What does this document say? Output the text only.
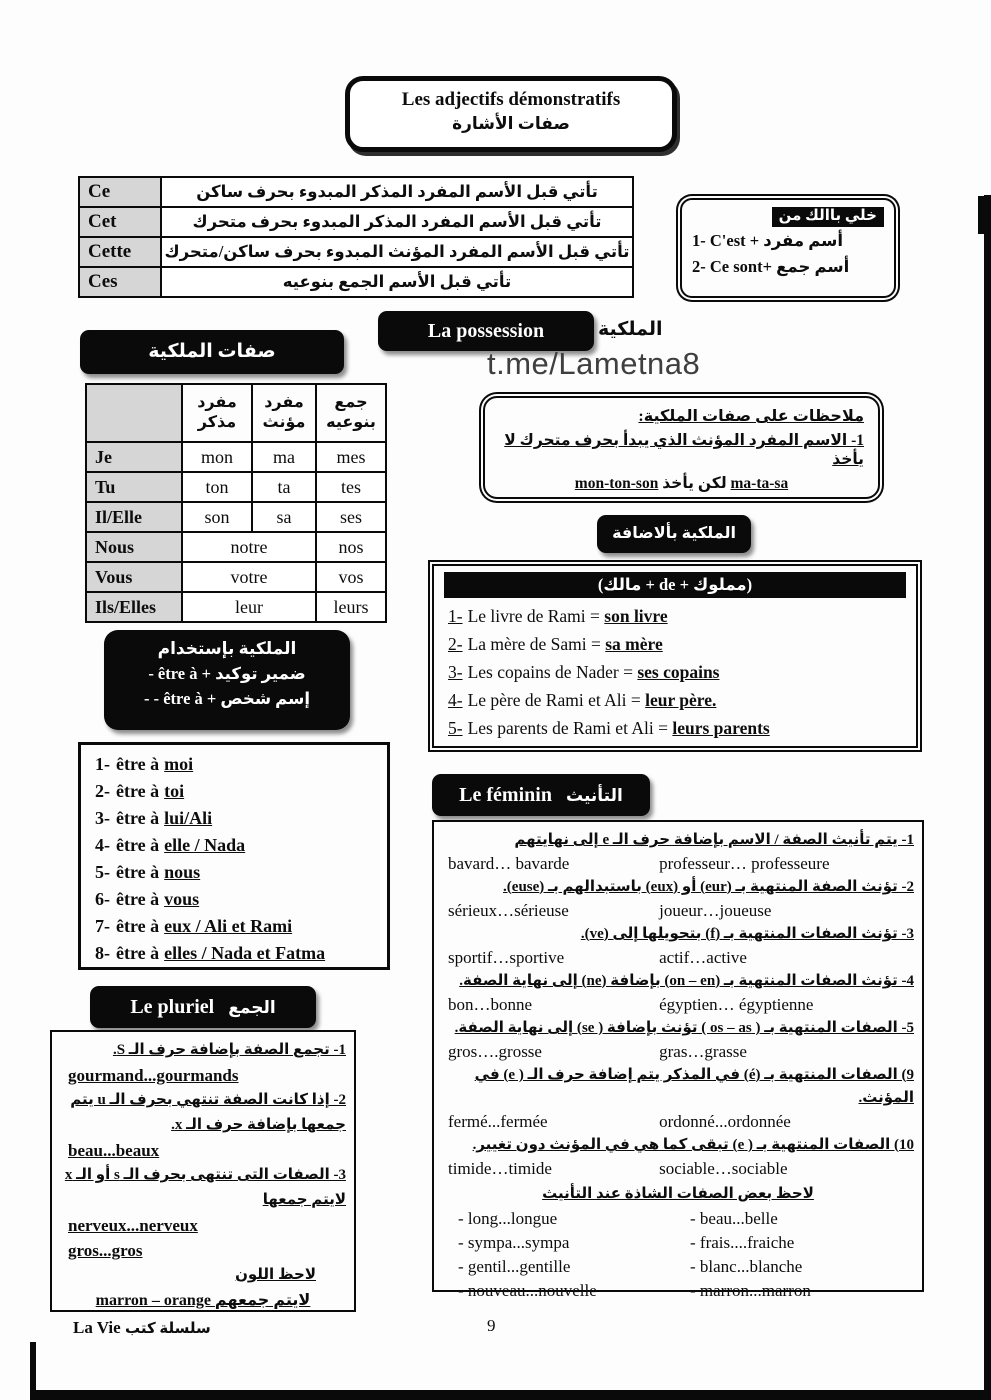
Les adjectifs démonstratifs
صفات الأشارة
Ce	تأتي قبل الأسم المفرد المذكر المبدوء بحرف ساكن
Cet	تأتي قبل الأسم المفرد المذكر المبدوء بحرف متحرك
Cette	تأتي قبل الأسم المفرد المؤنث المبدوء بحرف ساكن/متحرك
Ces	تأتي قبل الأسم الجمع بنوعيه
خلي باالك من
1- C'est + أسم مفرد
2- Ce sont+ أسم جمع
صفات الملكية
La possession	الملكية
t.me/Lametna8
	مفرد مذكر	مفرد مؤنث	جمع بنوعيه
Je	mon	ma	mes
Tu	ton	ta	tes
Il/Elle	son	sa	ses
Nous	notre		nos
Vous	votre		vos
Ils/Elles	leur		leurs
ملاحظات على صفات الملكية:
1- الاسم المفرد المؤنث الذي يبدأ بحرف متحرك لا يأخذ
ma-ta-sa لكن يأخذ mon-ton-son
الملكية بألاضافة
(مملوك + de + مالك)
1- Le livre de Rami = son livre
2- La mère de Sami = sa mère
3- Les copains de Nader = ses copains
4- Le père de Rami et Ali = leur père.
5- Les parents de Rami et Ali = leurs parents
الملكية بإستخدام
- être à + ضمير توكيد
- - être à + إسم شخص
1- être à moi
2- être à toi
3- être à lui/Ali
4- être à elle / Nada
5- être à nous
6- être à vous
7- être à eux / Ali et Rami
8- être à elles / Nada et Fatma
Le féminin التأنيث
1- يتم تأنيث الصفة / الاسم بإضافة حرف الـ e إلى نهايتهم
bavard… bavarde	professeur… professeure
2- تؤنث الصفة المنتهية بـ (eur) أو (eux) باستبدالهم بـ (euse).
sérieux…sérieuse	joueur…joueuse
3- تؤنث الصفات المنتهية بـ (f) بتحويلها إلى (ve).
sportif…sportive	actif…active
4- تؤنث الصفات المنتهية بـ (on – en) بإضافة (ne) إلى نهاية الصفة.
bon…bonne	égyptien… égyptienne
5- الصفات المنتهية بـ ( os – as ) تؤنث بإضافة ( se) إلى نهاية الصفة.
gros….grosse	gras…grasse
9) الصفات المنتهية بـ (é) في المذكر يتم إضافة حرف الـ ( e) في المؤنث.
fermé...fermée	ordonné...ordonnée
10) الصفات المنتهية بـ ( e) تبقى كما هي في المؤنث دون تغيير.
timide…timide	sociable…sociable
لاحظ بعض الصفات الشاذة عند التأنيث
- long...longue	- beau...belle
- sympa...sympa	- frais....fraiche
- gentil...gentille	- blanc...blanche
- nouveau...nouvelle	- marron...marron
Le pluriel الجمع
1- تجمع الصفة بإضافة حرف الـ S.
gourmand...gourmands
2- إذا كانت الصفة تنتهي بحرف الـ u يتم
جمعها بإضافة حرف الـ x.
beau...beaux
3- الصفات التى تنتهى بحرف الـ s أو الـ x
لايتم جمعها
nerveux...nerveux
gros...gros
لاحظ اللون
marron – orange لايتم جمعهم
La Vie سلسلة كتب	9
